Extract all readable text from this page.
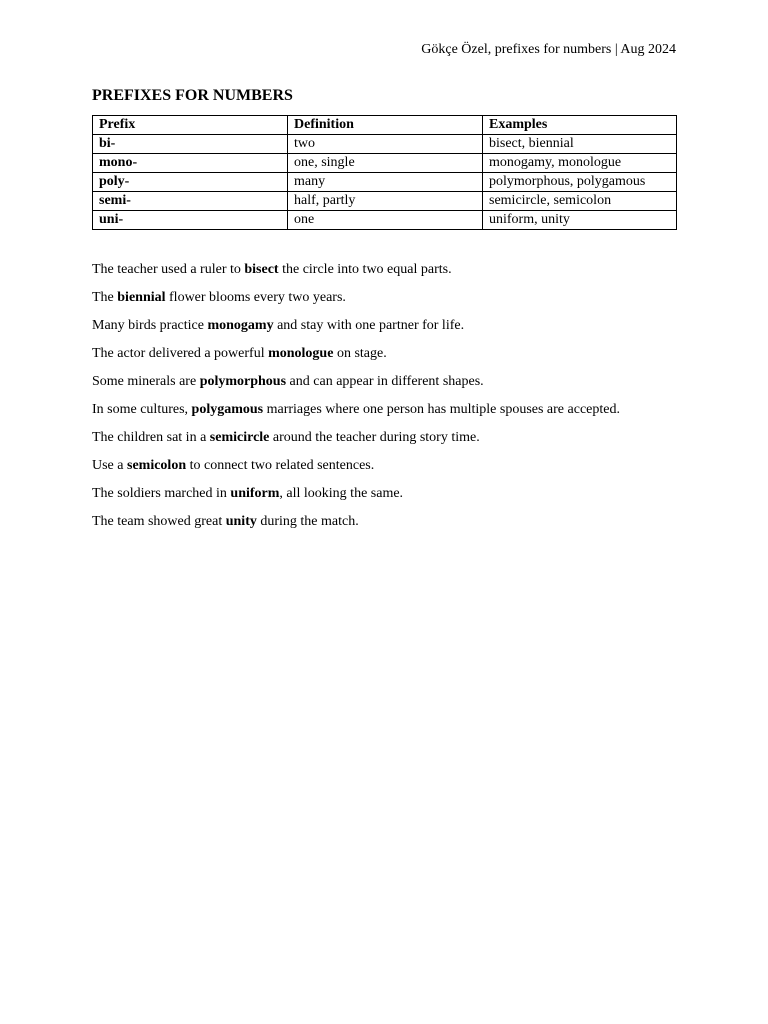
Gökçe Özel, prefixes for numbers | Aug 2024
PREFIXES FOR NUMBERS
Prefix	Definition	Examples
bi-	two	bisect, biennial
mono-	one, single	monogamy, monologue
poly-	many	polymorphous, polygamous
semi-	half, partly	semicircle, semicolon
uni-	one	uniform, unity

The teacher used a ruler to bisect the circle into two equal parts.

The biennial flower blooms every two years.

Many birds practice monogamy and stay with one partner for life.

The actor delivered a powerful monologue on stage.

Some minerals are polymorphous and can appear in different shapes.

In some cultures, polygamous marriages where one person has multiple spouses are accepted.

The children sat in a semicircle around the teacher during story time.

Use a semicolon to connect two related sentences.

The soldiers marched in uniform, all looking the same.

The team showed great unity during the match.
